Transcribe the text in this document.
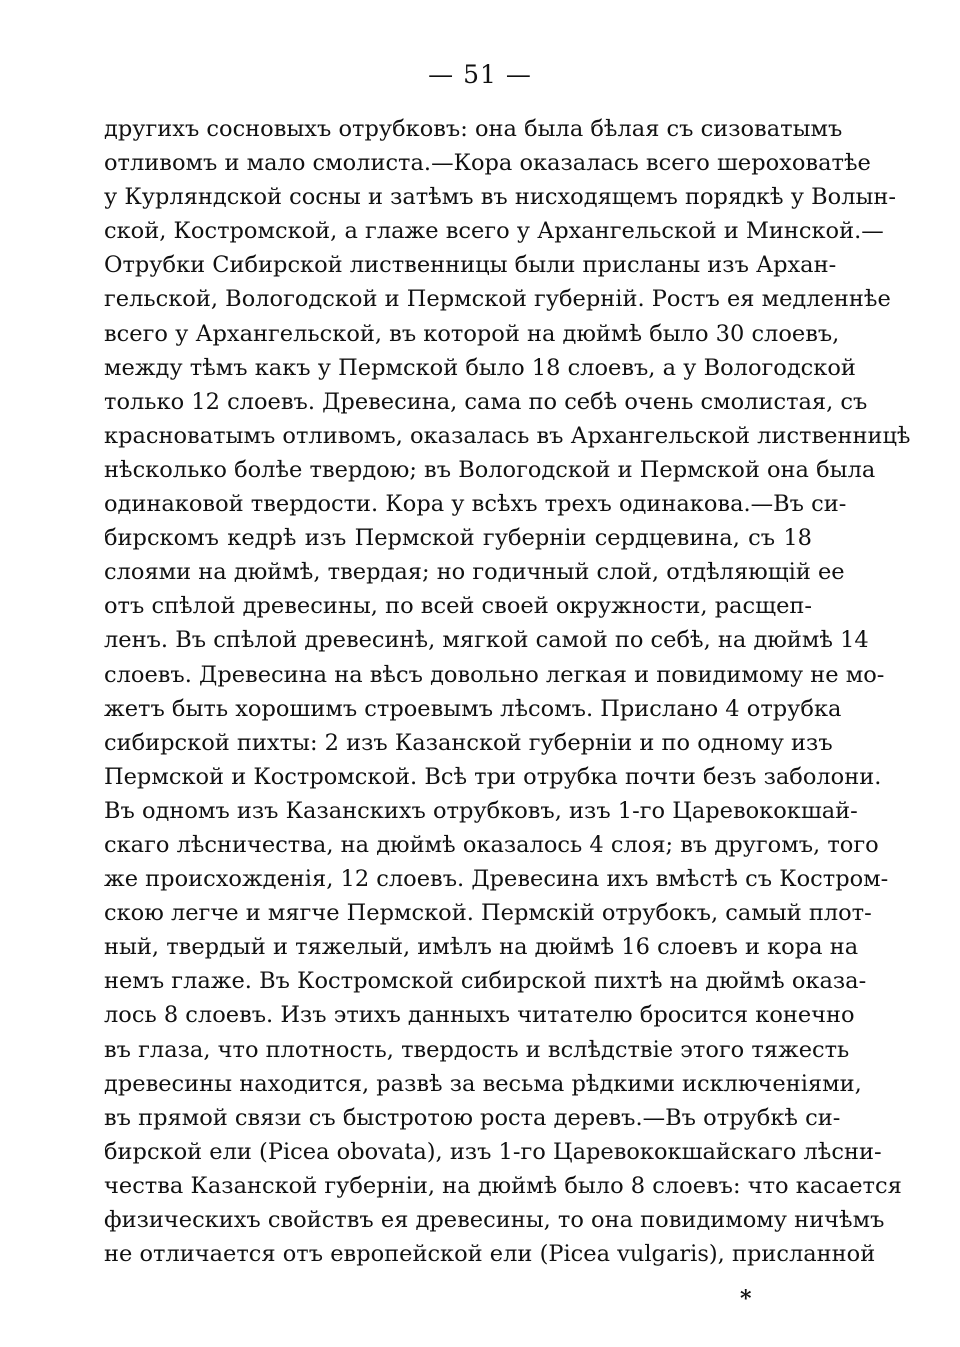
— 51 —
другихъ сосновыхъ отрубковъ: она была бѣлая съ сизоватымъ
отливомъ и мало смолиста.—Кора оказалась всего шероховатѣе
у Курляндской сосны и затѣмъ въ нисходящемъ порядкѣ у Волын-
ской, Костромской, а глаже всего у Архангельской и Минской.—
Отрубки Сибирской лиственницы были присланы изъ Архан-
гельской, Вологодской и Пермской губерній. Ростъ ея медленнѣе
всего у Архангельской, въ которой на дюймѣ было 30 слоевъ,
между тѣмъ какъ у Пермской было 18 слоевъ, а у Вологодской
только 12 слоевъ. Древесина, сама по себѣ очень смолистая, съ
красноватымъ отливомъ, оказалась въ Архангельской лиственницѣ
нѣсколько болѣе твердою; въ Вологодской и Пермской она была
одинаковой твердости. Кора у всѣхъ трехъ одинакова.—Въ си-
бирскомъ кедрѣ изъ Пермской губерніи сердцевина, съ 18
слоями на дюймѣ, твердая; но годичный слой, отдѣляющій ее
отъ спѣлой древесины, по всей своей окружности, расщеп-
ленъ. Въ спѣлой древесинѣ, мягкой самой по себѣ, на дюймѣ 14
слоевъ. Древесина на вѣсъ довольно легкая и повидимому не мо-
жетъ быть хорошимъ строевымъ лѣсомъ. Прислано 4 отрубка
сибирской пихты: 2 изъ Казанской губерніи и по одному изъ
Пермской и Костромской. Всѣ три отрубка почти безъ заболони.
Въ одномъ изъ Казанскихъ отрубковъ, изъ 1-го Царевококшай-
скаго лѣсничества, на дюймѣ оказалось 4 слоя; въ другомъ, того
же происхожденія, 12 слоевъ. Древесина ихъ вмѣстѣ съ Костром-
скою легче и мягче Пермской. Пермскій отрубокъ, самый плот-
ный, твердый и тяжелый, имѣлъ на дюймѣ 16 слоевъ и кора на
немъ глаже. Въ Костромской сибирской пихтѣ на дюймѣ оказа-
лось 8 слоевъ. Изъ этихъ данныхъ читателю бросится конечно
въ глаза, что плотность, твердость и вслѣдствіе этого тяжесть
древесины находится, развѣ за весьма рѣдкими исключеніями,
въ прямой связи съ быстротою роста деревъ.—Въ отрубкѣ си-
бирской ели (Picea obovata), изъ 1-го Царевококшайскаго лѣсни-
чества Казанской губерніи, на дюймѣ было 8 слоевъ: что касается
физическихъ свойствъ ея древесины, то она повидимому ничѣмъ
не отличается отъ европейской ели (Picea vulgaris), присланной
*
